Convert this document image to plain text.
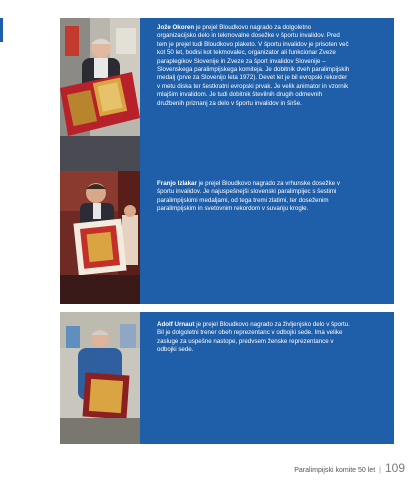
Jože Okoren je prejel Bloudkovo nagrado za dolgoletno organizacijsko delo in tekmovalne dosežke v športu invalidov. Pred tem je prejel tudi Bloudkovo plaketo. V športu invalidov je prisoten več kot 50 let, bodisi kot tekmovalec, organizator ali funkcionar Zveze paraplegikov Slovenije in Zveze za šport invalidov Slovenije – Slovenskega paralimpijskega komiteja. Je dobitnik dveh paralimpijskih medalj (prve za Slovenijo leta 1972). Devet let je bil evropski rekorder v metu diska ter šestkratni evropski prvak. Je velik animator in vzornik mlajšim invalidom. Je tudi dobitnik številnih drugih odmevnih družbenih priznanj za delo v športu invalidov in širše.
Franjo Izlakar je prejel Bloudkovo nagrado za vrhunske dosežke v športu invalidov. Je najuspešnejši slovenski paralimpijec s šestimi paralimpijskimi medaljami, od tega tremi zlatimi, ter doseženim paralimpijskim in svetovnim rekordom v suvanju krogle.
Adolf Urnaut je prejel Bloudkovo nagrado za življenjsko delo v športu. Bil je dolgoletni trener obeh reprezentanc v odbojki sede. Ima velike zasluge za uspešne nastope, predvsem ženske reprezentance v odbojki sede.
Paralimpijski komite 50 let | 109
